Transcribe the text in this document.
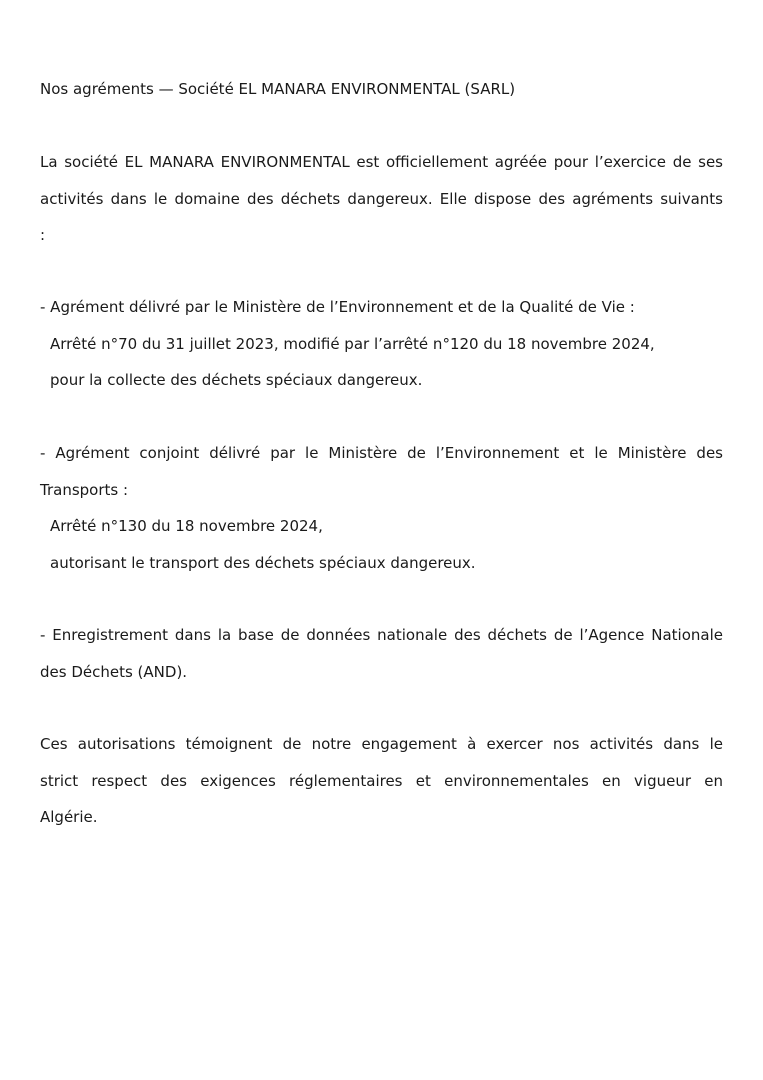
Nos agréments — Société EL MANARA ENVIRONMENTAL (SARL)
La société EL MANARA ENVIRONMENTAL est officiellement agréée pour l’exercice de ses
activités dans le domaine des déchets dangereux. Elle dispose des agréments suivants
:
- Agrément délivré par le Ministère de l’Environnement et de la Qualité de Vie :
Arrêté n°70 du 31 juillet 2023, modifié par l’arrêté n°120 du 18 novembre 2024,
pour la collecte des déchets spéciaux dangereux.
- Agrément conjoint délivré par le Ministère de l’Environnement et le Ministère des
Transports :
Arrêté n°130 du 18 novembre 2024,
autorisant le transport des déchets spéciaux dangereux.
- Enregistrement dans la base de données nationale des déchets de l’Agence Nationale
des Déchets (AND).
Ces autorisations témoignent de notre engagement à exercer nos activités dans le
strict respect des exigences réglementaires et environnementales en vigueur en
Algérie.
